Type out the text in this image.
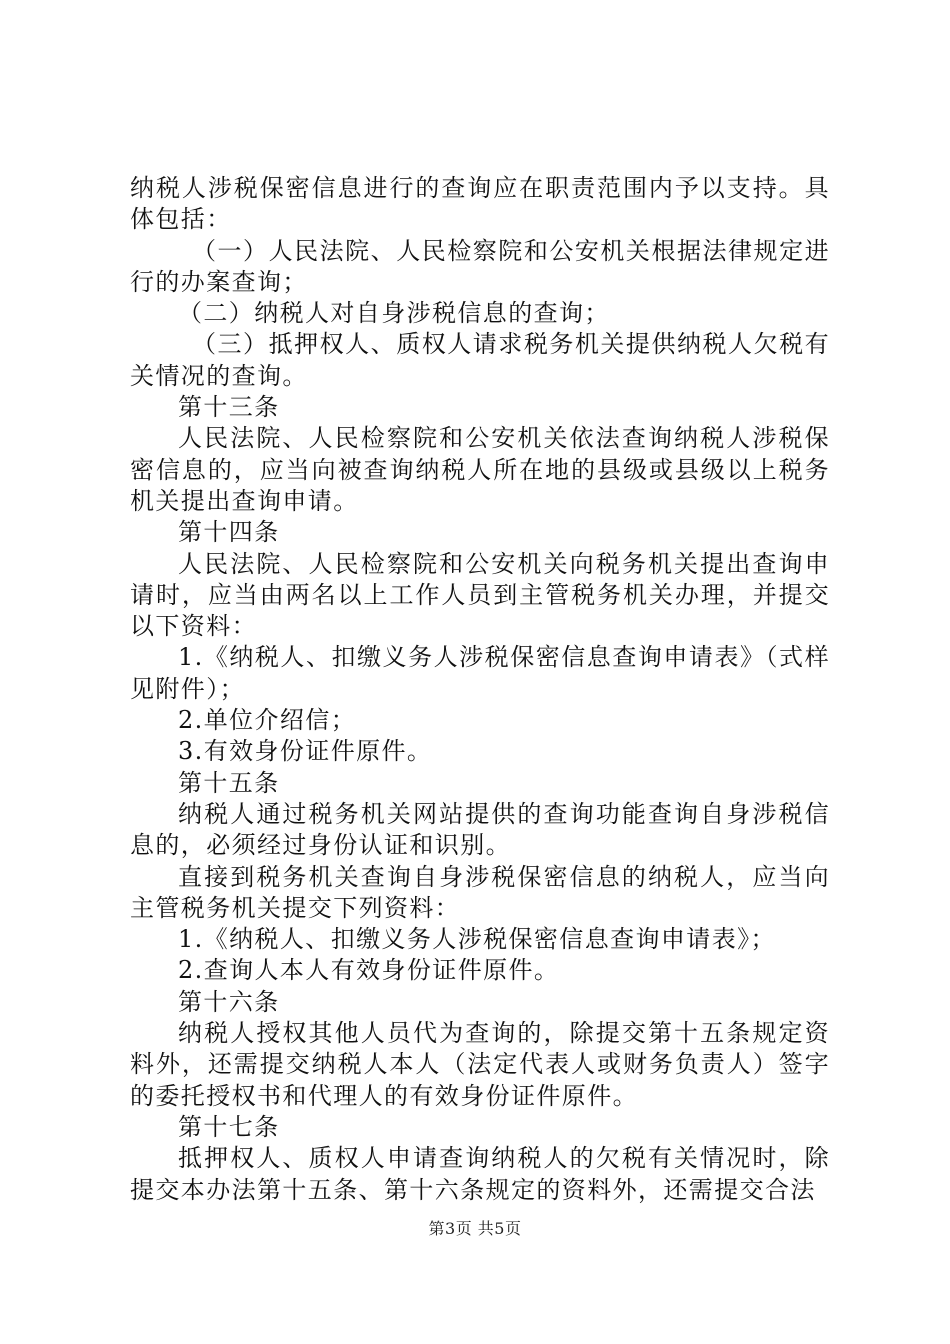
纳税人涉税保密信息进行的查询应在职责范围内予以支持。具体包括：

（一）人民法院、人民检察院和公安机关根据法律规定进行的办案查询；

（二）纳税人对自身涉税信息的查询；

（三）抵押权人、质权人请求税务机关提供纳税人欠税有关情况的查询。

第十三条

人民法院、人民检察院和公安机关依法查询纳税人涉税保密信息的，应当向被查询纳税人所在地的县级或县级以上税务机关提出查询申请。

第十四条

人民法院、人民检察院和公安机关向税务机关提出查询申请时，应当由两名以上工作人员到主管税务机关办理，并提交以下资料：

1.《纳税人、扣缴义务人涉税保密信息查询申请表》（式样见附件）；

2.单位介绍信；

3.有效身份证件原件。

第十五条

纳税人通过税务机关网站提供的查询功能查询自身涉税信息的，必须经过身份认证和识别。

直接到税务机关查询自身涉税保密信息的纳税人，应当向主管税务机关提交下列资料：

1.《纳税人、扣缴义务人涉税保密信息查询申请表》；

2.查询人本人有效身份证件原件。

第十六条

纳税人授权其他人员代为查询的，除提交第十五条规定资料外，还需提交纳税人本人（法定代表人或财务负责人）签字的委托授权书和代理人的有效身份证件原件。

第十七条

抵押权人、质权人申请查询纳税人的欠税有关情况时，除提交本办法第十五条、第十六条规定的资料外，还需提交合法

第3页 共5页
